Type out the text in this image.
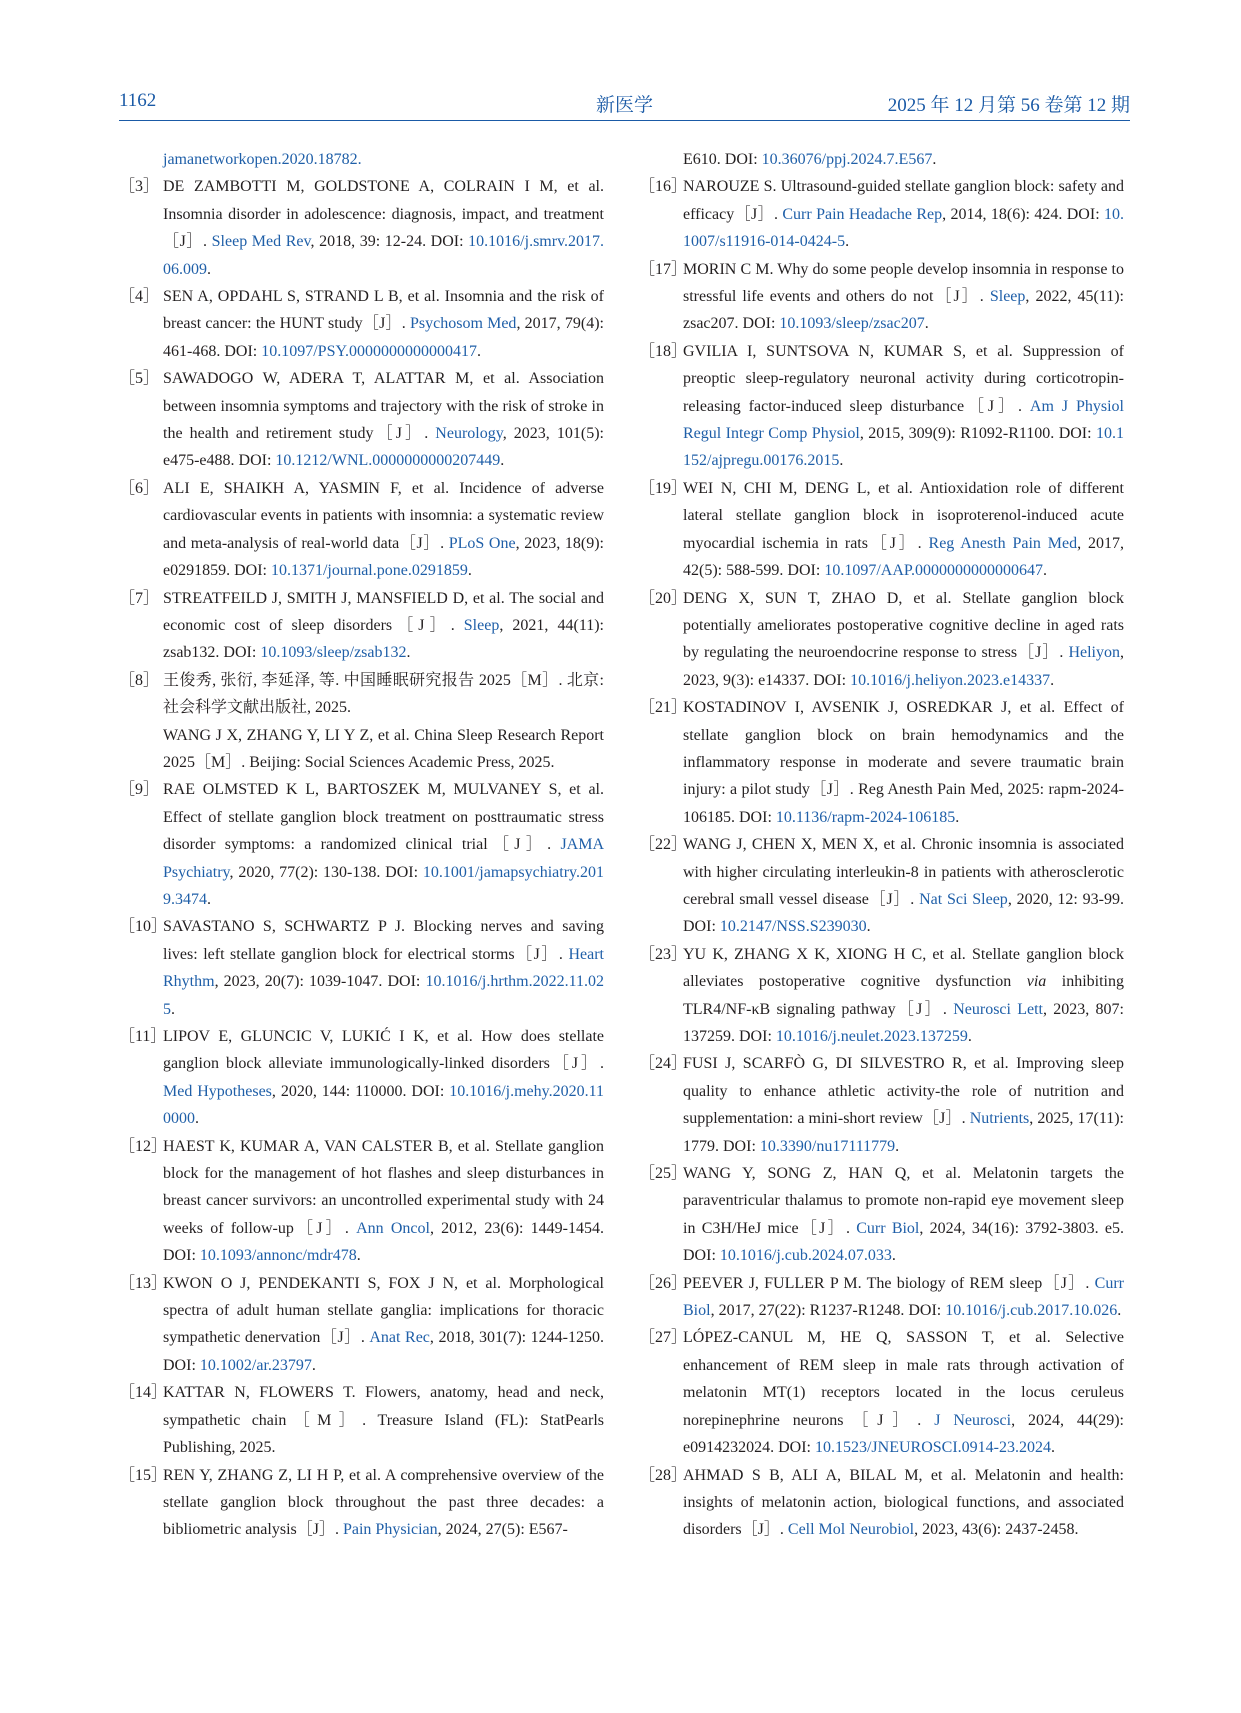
1162	新医学	2025 年 12 月第 56 卷第 12 期

jamanetworkopen.2020.18782.

［3］ DE ZAMBOTTI M, GOLDSTONE A, COLRAIN I M, et al. Insomnia disorder in adolescence: diagnosis, impact, and treatment［J］. Sleep Med Rev, 2018, 39: 12-24. DOI: 10.1016/j.smrv.2017.06.009.

［4］ SEN A, OPDAHL S, STRAND L B, et al. Insomnia and the risk of breast cancer: the HUNT study［J］. Psychosom Med, 2017, 79(4): 461-468. DOI: 10.1097/PSY.0000000000000417.

［5］ SAWADOGO W, ADERA T, ALATTAR M, et al. Association between insomnia symptoms and trajectory with the risk of stroke in the health and retirement study［J］. Neurology, 2023, 101(5): e475-e488. DOI: 10.1212/WNL.0000000000207449.

［6］ ALI E, SHAIKH A, YASMIN F, et al. Incidence of adverse cardiovascular events in patients with insomnia: a systematic review and meta-analysis of real-world data［J］. PLoS One, 2023, 18(9): e0291859. DOI: 10.1371/journal.pone.0291859.

［7］ STREATFEILD J, SMITH J, MANSFIELD D, et al. The social and economic cost of sleep disorders［J］. Sleep, 2021, 44(11): zsab132. DOI: 10.1093/sleep/zsab132.

［8］ 王俊秀, 张衍, 李延泽, 等. 中国睡眠研究报告 2025［M］. 北京: 社会科学文献出版社, 2025.
WANG J X, ZHANG Y, LI Y Z, et al. China Sleep Research Report 2025［M］. Beijing: Social Sciences Academic Press, 2025.

［9］ RAE OLMSTED K L, BARTOSZEK M, MULVANEY S, et al. Effect of stellate ganglion block treatment on posttraumatic stress disorder symptoms: a randomized clinical trial［J］. JAMA Psychiatry, 2020, 77(2): 130-138. DOI: 10.1001/jamapsychiatry.2019.3474.

［10］
SAVASTANO S, SCHWARTZ P J. Blocking nerves and saving lives: left stellate ganglion block for electrical storms［J］. Heart Rhythm, 2023, 20(7): 1039-1047. DOI: 10.1016/j.hrthm.2022.11.025.

［11］
LIPOV E, GLUNCIC V, LUKIĆ I K, et al. How does stellate ganglion block alleviate immunologically-linked disorders［J］. Med Hypotheses, 2020, 144: 110000. DOI: 10.1016/j.mehy.2020.110000.

［12］
HAEST K, KUMAR A, VAN CALSTER B, et al. Stellate ganglion block for the management of hot flashes and sleep disturbances in breast cancer survivors: an uncontrolled experimental study with 24 weeks of follow-up［J］. Ann Oncol, 2012, 23(6): 1449-1454. DOI: 10.1093/annonc/mdr478.

［13］
KWON O J, PENDEKANTI S, FOX J N, et al. Morphological spectra of adult human stellate ganglia: implications for thoracic sympathetic denervation［J］. Anat Rec, 2018, 301(7): 1244-1250. DOI: 10.1002/ar.23797.

［14］
KATTAR N, FLOWERS T. Flowers, anatomy, head and neck, sympathetic chain［M］. Treasure Island (FL): StatPearls Publishing, 2025.

［15］
REN Y, ZHANG Z, LI H P, et al. A comprehensive overview of the stellate ganglion block throughout the past three decades: a bibliometric analysis［J］. Pain Physician, 2024, 27(5): E567-

E610. DOI: 10.36076/ppj.2024.7.E567.

［16］
NAROUZE S. Ultrasound-guided stellate ganglion block: safety and efficacy［J］. Curr Pain Headache Rep, 2014, 18(6): 424. DOI: 10.1007/s11916-014-0424-5.

［17］
MORIN C M. Why do some people develop insomnia in response to stressful life events and others do not［J］. Sleep, 2022, 45(11): zsac207. DOI: 10.1093/sleep/zsac207.

［18］
GVILIA I, SUNTSOVA N, KUMAR S, et al. Suppression of preoptic sleep-regulatory neuronal activity during corticotropin-releasing factor-induced sleep disturbance［J］. Am J Physiol Regul Integr Comp Physiol, 2015, 309(9): R1092-R1100. DOI: 10.1152/ajpregu.00176.2015.

［19］
WEI N, CHI M, DENG L, et al. Antioxidation role of different lateral stellate ganglion block in isoproterenol-induced acute myocardial ischemia in rats［J］. Reg Anesth Pain Med, 2017, 42(5): 588-599. DOI: 10.1097/AAP.0000000000000647.

［20］
DENG X, SUN T, ZHAO D, et al. Stellate ganglion block potentially ameliorates postoperative cognitive decline in aged rats by regulating the neuroendocrine response to stress［J］. Heliyon, 2023, 9(3): e14337. DOI: 10.1016/j.heliyon.2023.e14337.

［21］
KOSTADINOV I, AVSENIK J, OSREDKAR J, et al. Effect of stellate ganglion block on brain hemodynamics and the inflammatory response in moderate and severe traumatic brain injury: a pilot study［J］. Reg Anesth Pain Med, 2025: rapm-2024-106185. DOI: 10.1136/rapm-2024-106185.

［22］
WANG J, CHEN X, MEN X, et al. Chronic insomnia is associated with higher circulating interleukin-8 in patients with atherosclerotic cerebral small vessel disease［J］. Nat Sci Sleep, 2020, 12: 93-99. DOI: 10.2147/NSS.S239030.

［23］
YU K, ZHANG X K, XIONG H C, et al. Stellate ganglion block alleviates postoperative cognitive dysfunction via inhibiting TLR4/NF-κB signaling pathway［J］. Neurosci Lett, 2023, 807: 137259. DOI: 10.1016/j.neulet.2023.137259.

［24］
FUSI J, SCARFÒ G, DI SILVESTRO R, et al. Improving sleep quality to enhance athletic activity-the role of nutrition and supplementation: a mini-short review［J］. Nutrients, 2025, 17(11): 1779. DOI: 10.3390/nu17111779.

［25］
WANG Y, SONG Z, HAN Q, et al. Melatonin targets the paraventricular thalamus to promote non-rapid eye movement sleep in C3H/HeJ mice［J］. Curr Biol, 2024, 34(16): 3792-3803. e5. DOI: 10.1016/j.cub.2024.07.033.

［26］
PEEVER J, FULLER P M. The biology of REM sleep［J］. Curr Biol, 2017, 27(22): R1237-R1248. DOI: 10.1016/j.cub.2017.10.026.

［27］
LÓPEZ-CANUL M, HE Q, SASSON T, et al. Selective enhancement of REM sleep in male rats through activation of melatonin MT(1) receptors located in the locus ceruleus norepinephrine neurons［J］. J Neurosci, 2024, 44(29): e0914232024. DOI: 10.1523/JNEUROSCI.0914-23.2024.

［28］
AHMAD S B, ALI A, BILAL M, et al. Melatonin and health: insights of melatonin action, biological functions, and associated disorders［J］. Cell Mol Neurobiol, 2023, 43(6): 2437-2458.
